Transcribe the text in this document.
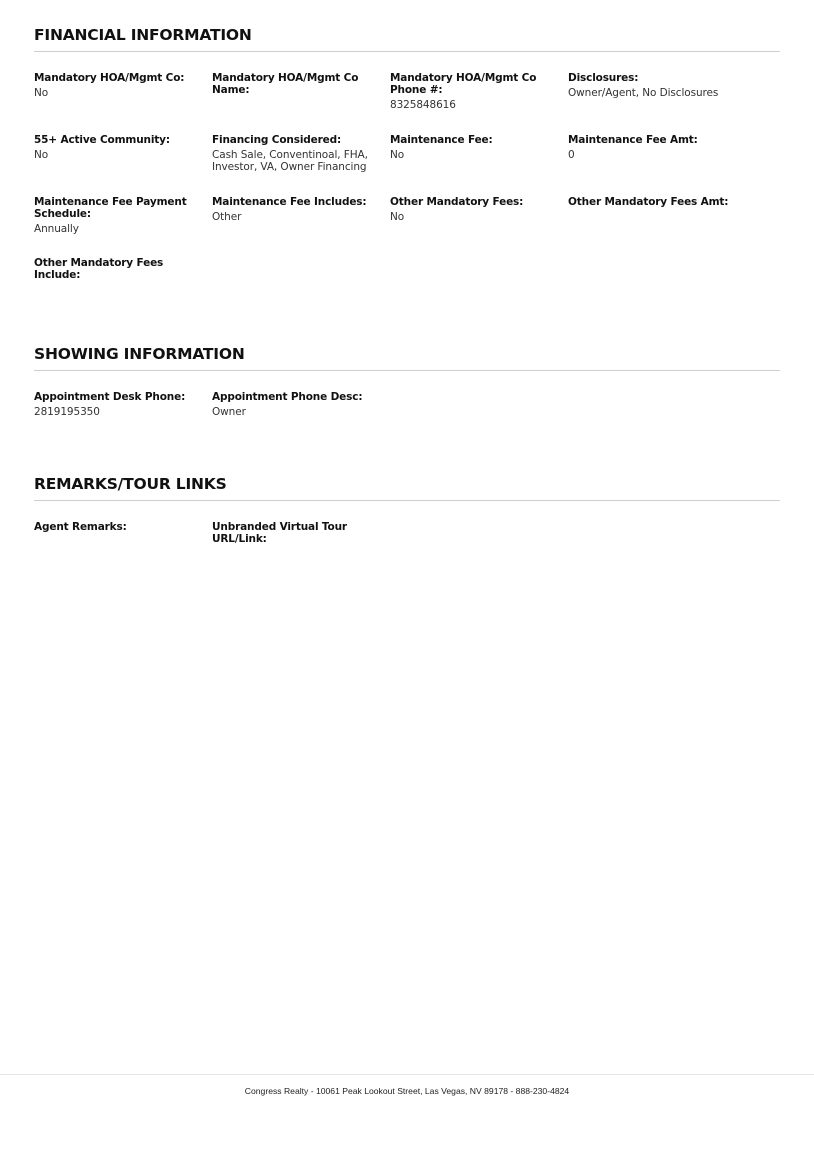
FINANCIAL INFORMATION
Mandatory HOA/Mgmt Co:
No
Mandatory HOA/Mgmt Co Name:
Mandatory HOA/Mgmt Co Phone #:
8325848616
Disclosures:
Owner/Agent, No Disclosures
55+ Active Community:
No
Financing Considered:
Cash Sale, Conventinoal, FHA, Investor, VA, Owner Financing
Maintenance Fee:
No
Maintenance Fee Amt:
0
Maintenance Fee Payment Schedule:
Annually
Maintenance Fee Includes:
Other
Other Mandatory Fees:
No
Other Mandatory Fees Amt:
Other Mandatory Fees Include:
SHOWING INFORMATION
Appointment Desk Phone:
2819195350
Appointment Phone Desc:
Owner
REMARKS/TOUR LINKS
Agent Remarks:	Unbranded Virtual Tour URL/Link:
Congress Realty - 10061 Peak Lookout Street, Las Vegas, NV 89178 - 888-230-4824
